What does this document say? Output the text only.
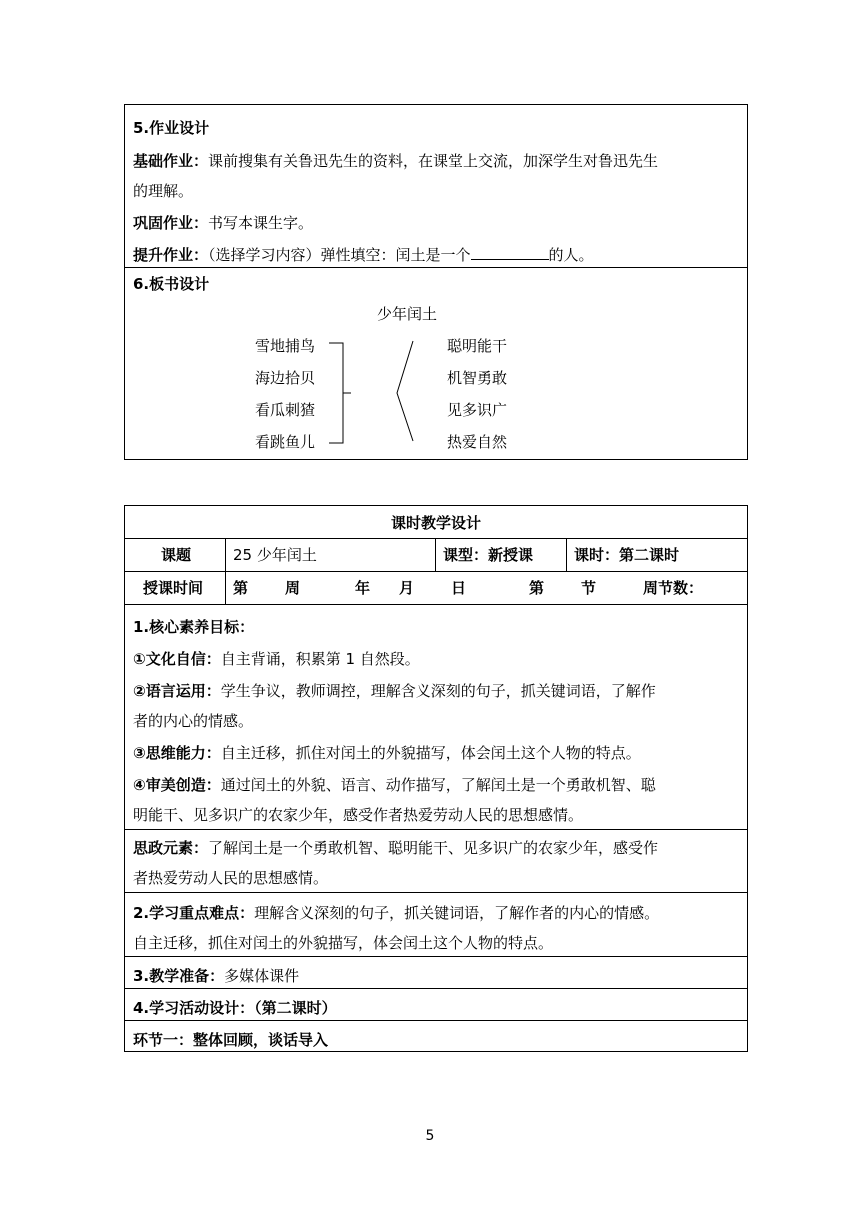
5.作业设计
基础作业：课前搜集有关鲁迅先生的资料，在课堂上交流，加深学生对鲁迅先生
的理解。
巩固作业：书写本课生字。
提升作业：（选择学习内容）弹性填空：闰土是一个	的人。
6.板书设计
少年闰土
雪地捕鸟
海边拾贝
看瓜刺猹
看跳鱼儿
聪明能干
机智勇敢
见多识广
热爱自然
课时教学设计
课题	25 少年闰土	课型：新授课	课时：第二课时
授课时间 第 周	年 月 日	第 节	周节数：
1.核心素养目标：
①文化自信：自主背诵，积累第 1 自然段。
②语言运用：学生争议，教师调控，理解含义深刻的句子，抓关键词语，了解作
者的内心的情感。
③思维能力：自主迁移，抓住对闰土的外貌描写，体会闰土这个人物的特点。
④审美创造：通过闰土的外貌、语言、动作描写，了解闰土是一个勇敢机智、聪
明能干、见多识广的农家少年，感受作者热爱劳动人民的思想感情。
思政元素：了解闰土是一个勇敢机智、聪明能干、见多识广的农家少年，感受作
者热爱劳动人民的思想感情。
2.学习重点难点：理解含义深刻的句子，抓关键词语，了解作者的内心的情感。
自主迁移，抓住对闰土的外貌描写，体会闰土这个人物的特点。
3.教学准备：多媒体课件
4.学习活动设计：（第二课时）
环节一：整体回顾，谈话导入
5
